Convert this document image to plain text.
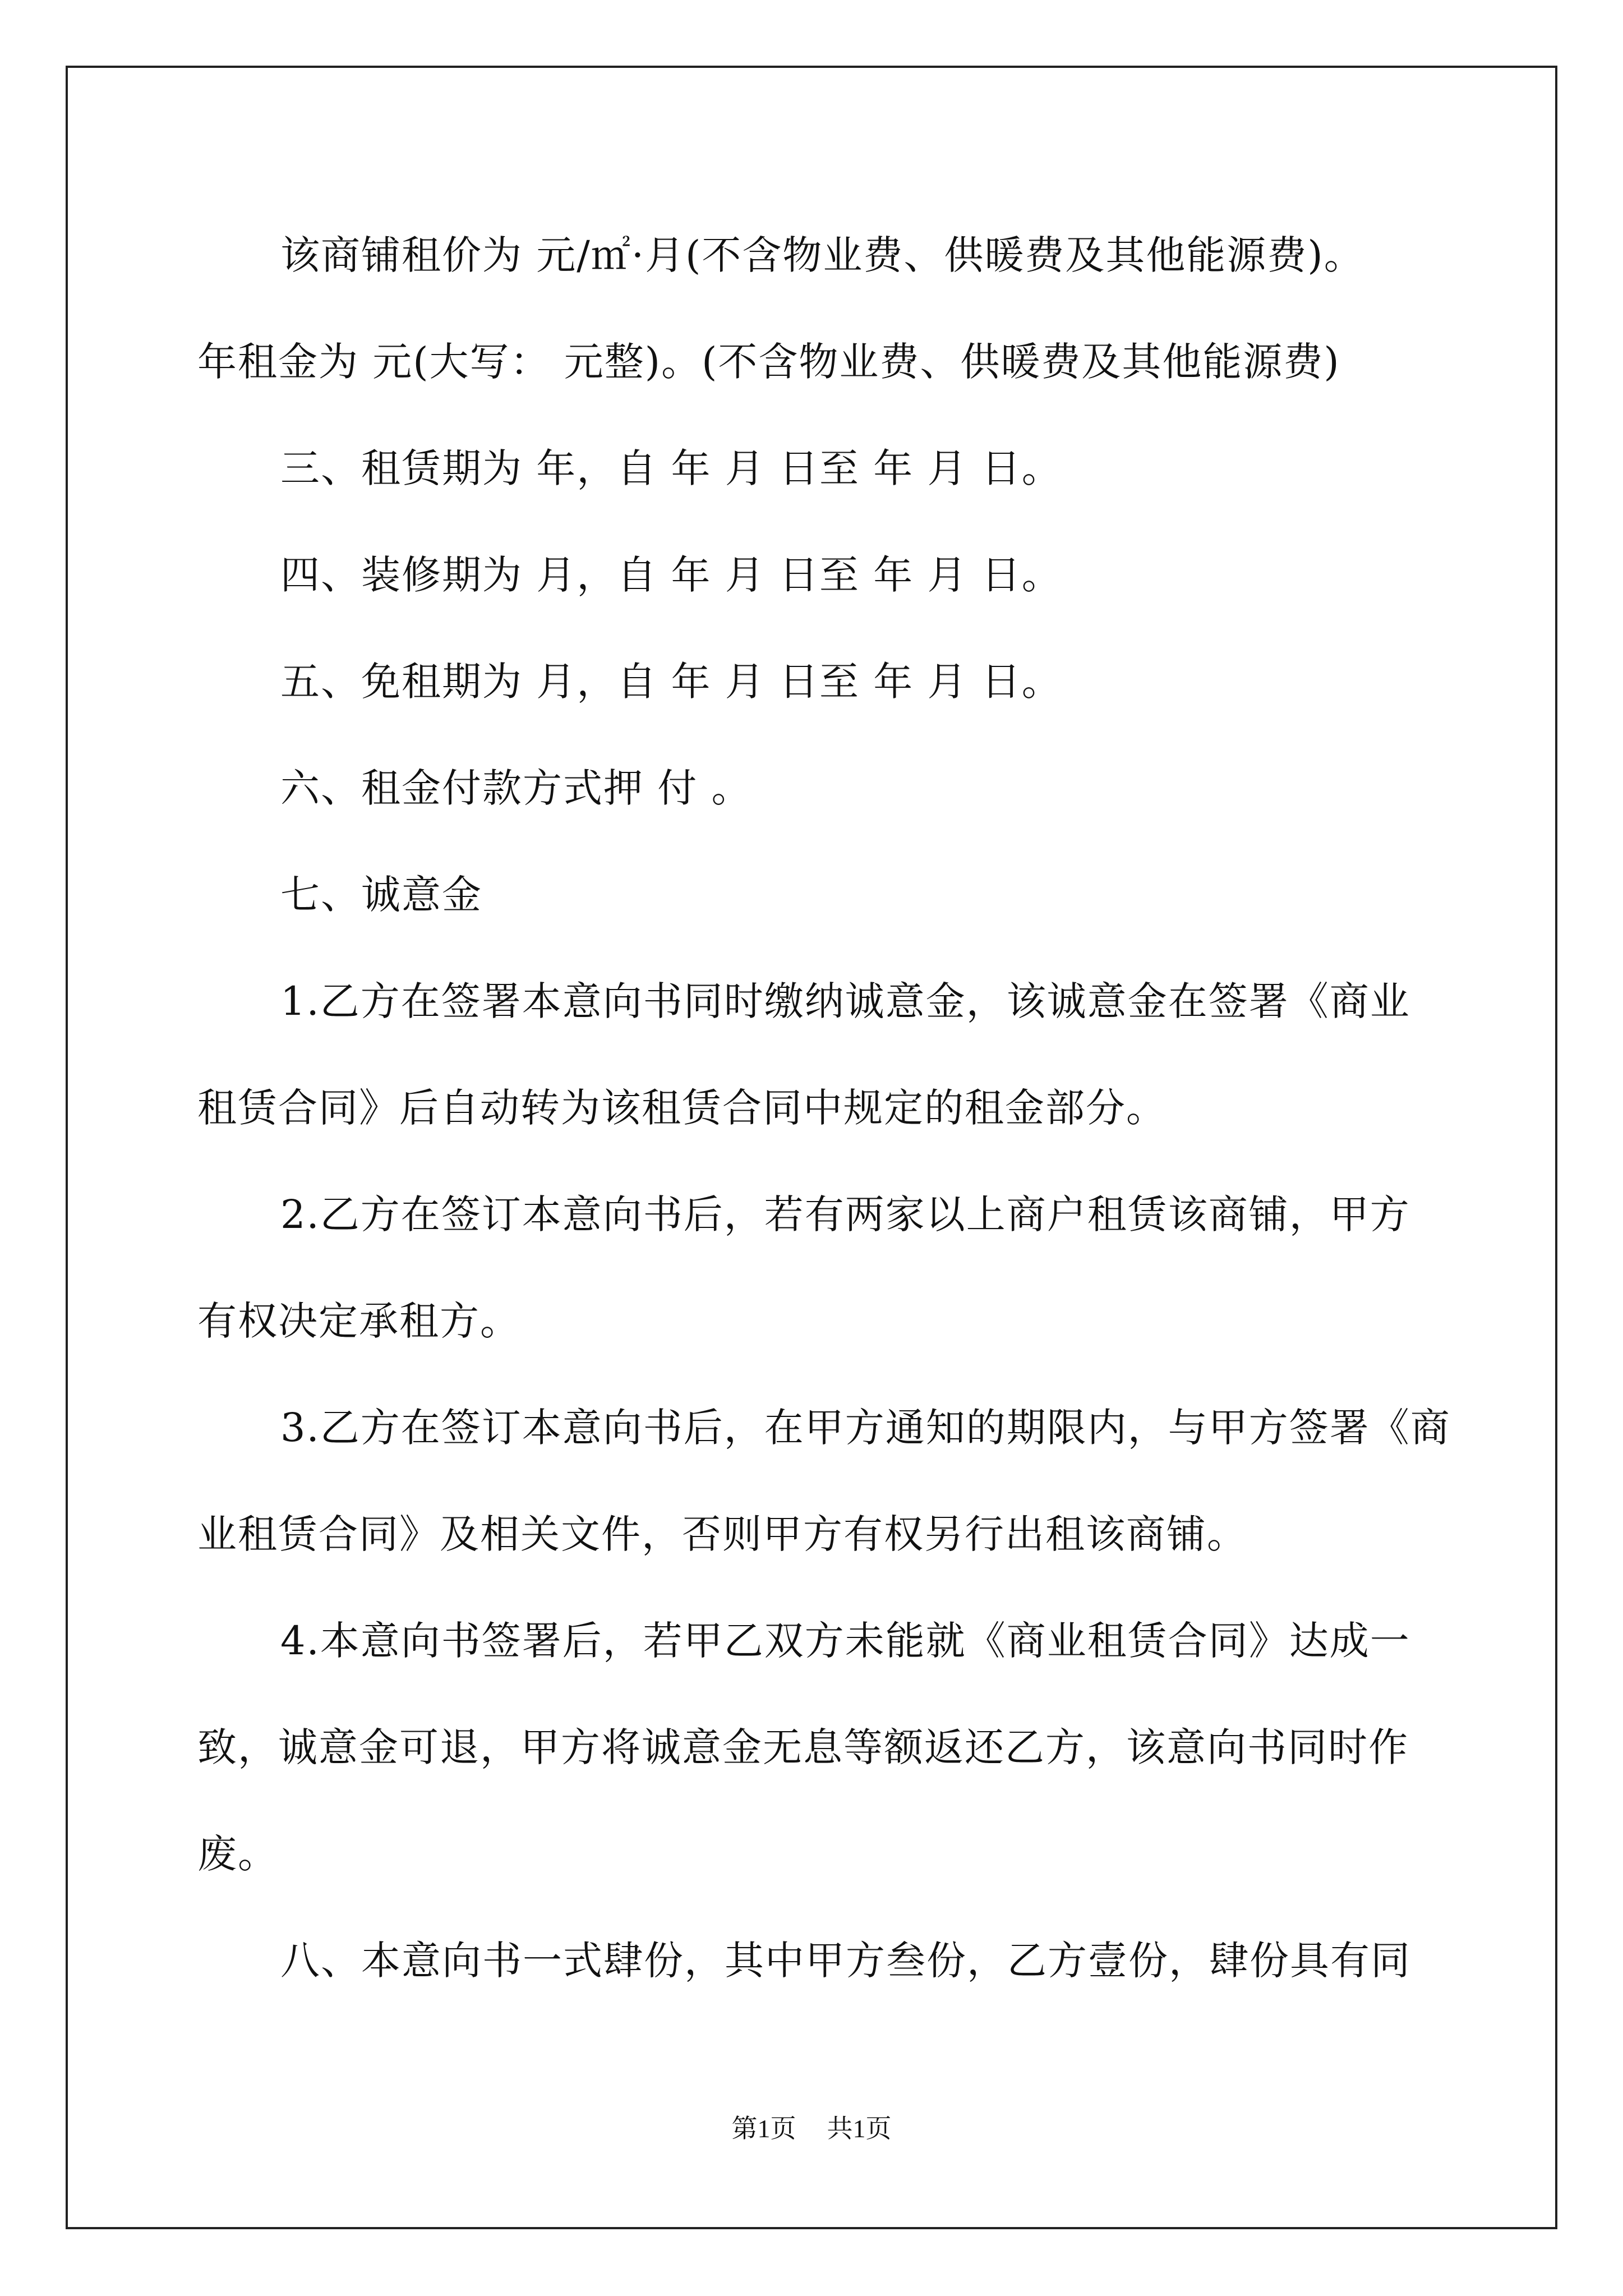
该商铺租价为 元/㎡·月(不含物业费、供暖费及其他能源费)。
年租金为 元(大写： 元整)。(不含物业费、供暖费及其他能源费)
三、租赁期为 年，自 年 月 日至 年 月 日。
四、装修期为 月，自 年 月 日至 年 月 日。
五、免租期为 月，自 年 月 日至 年 月 日。
六、租金付款方式押 付 。
七、诚意金
1.乙方在签署本意向书同时缴纳诚意金，该诚意金在签署《商业
租赁合同》后自动转为该租赁合同中规定的租金部分。
2.乙方在签订本意向书后，若有两家以上商户租赁该商铺，甲方
有权决定承租方。
3.乙方在签订本意向书后，在甲方通知的期限内，与甲方签署《商
业租赁合同》及相关文件，否则甲方有权另行出租该商铺。
4.本意向书签署后，若甲乙双方未能就《商业租赁合同》达成一
致，诚意金可退，甲方将诚意金无息等额返还乙方，该意向书同时作
废。
八、本意向书一式肆份，其中甲方叁份，乙方壹份，肆份具有同
第1页 共1页
